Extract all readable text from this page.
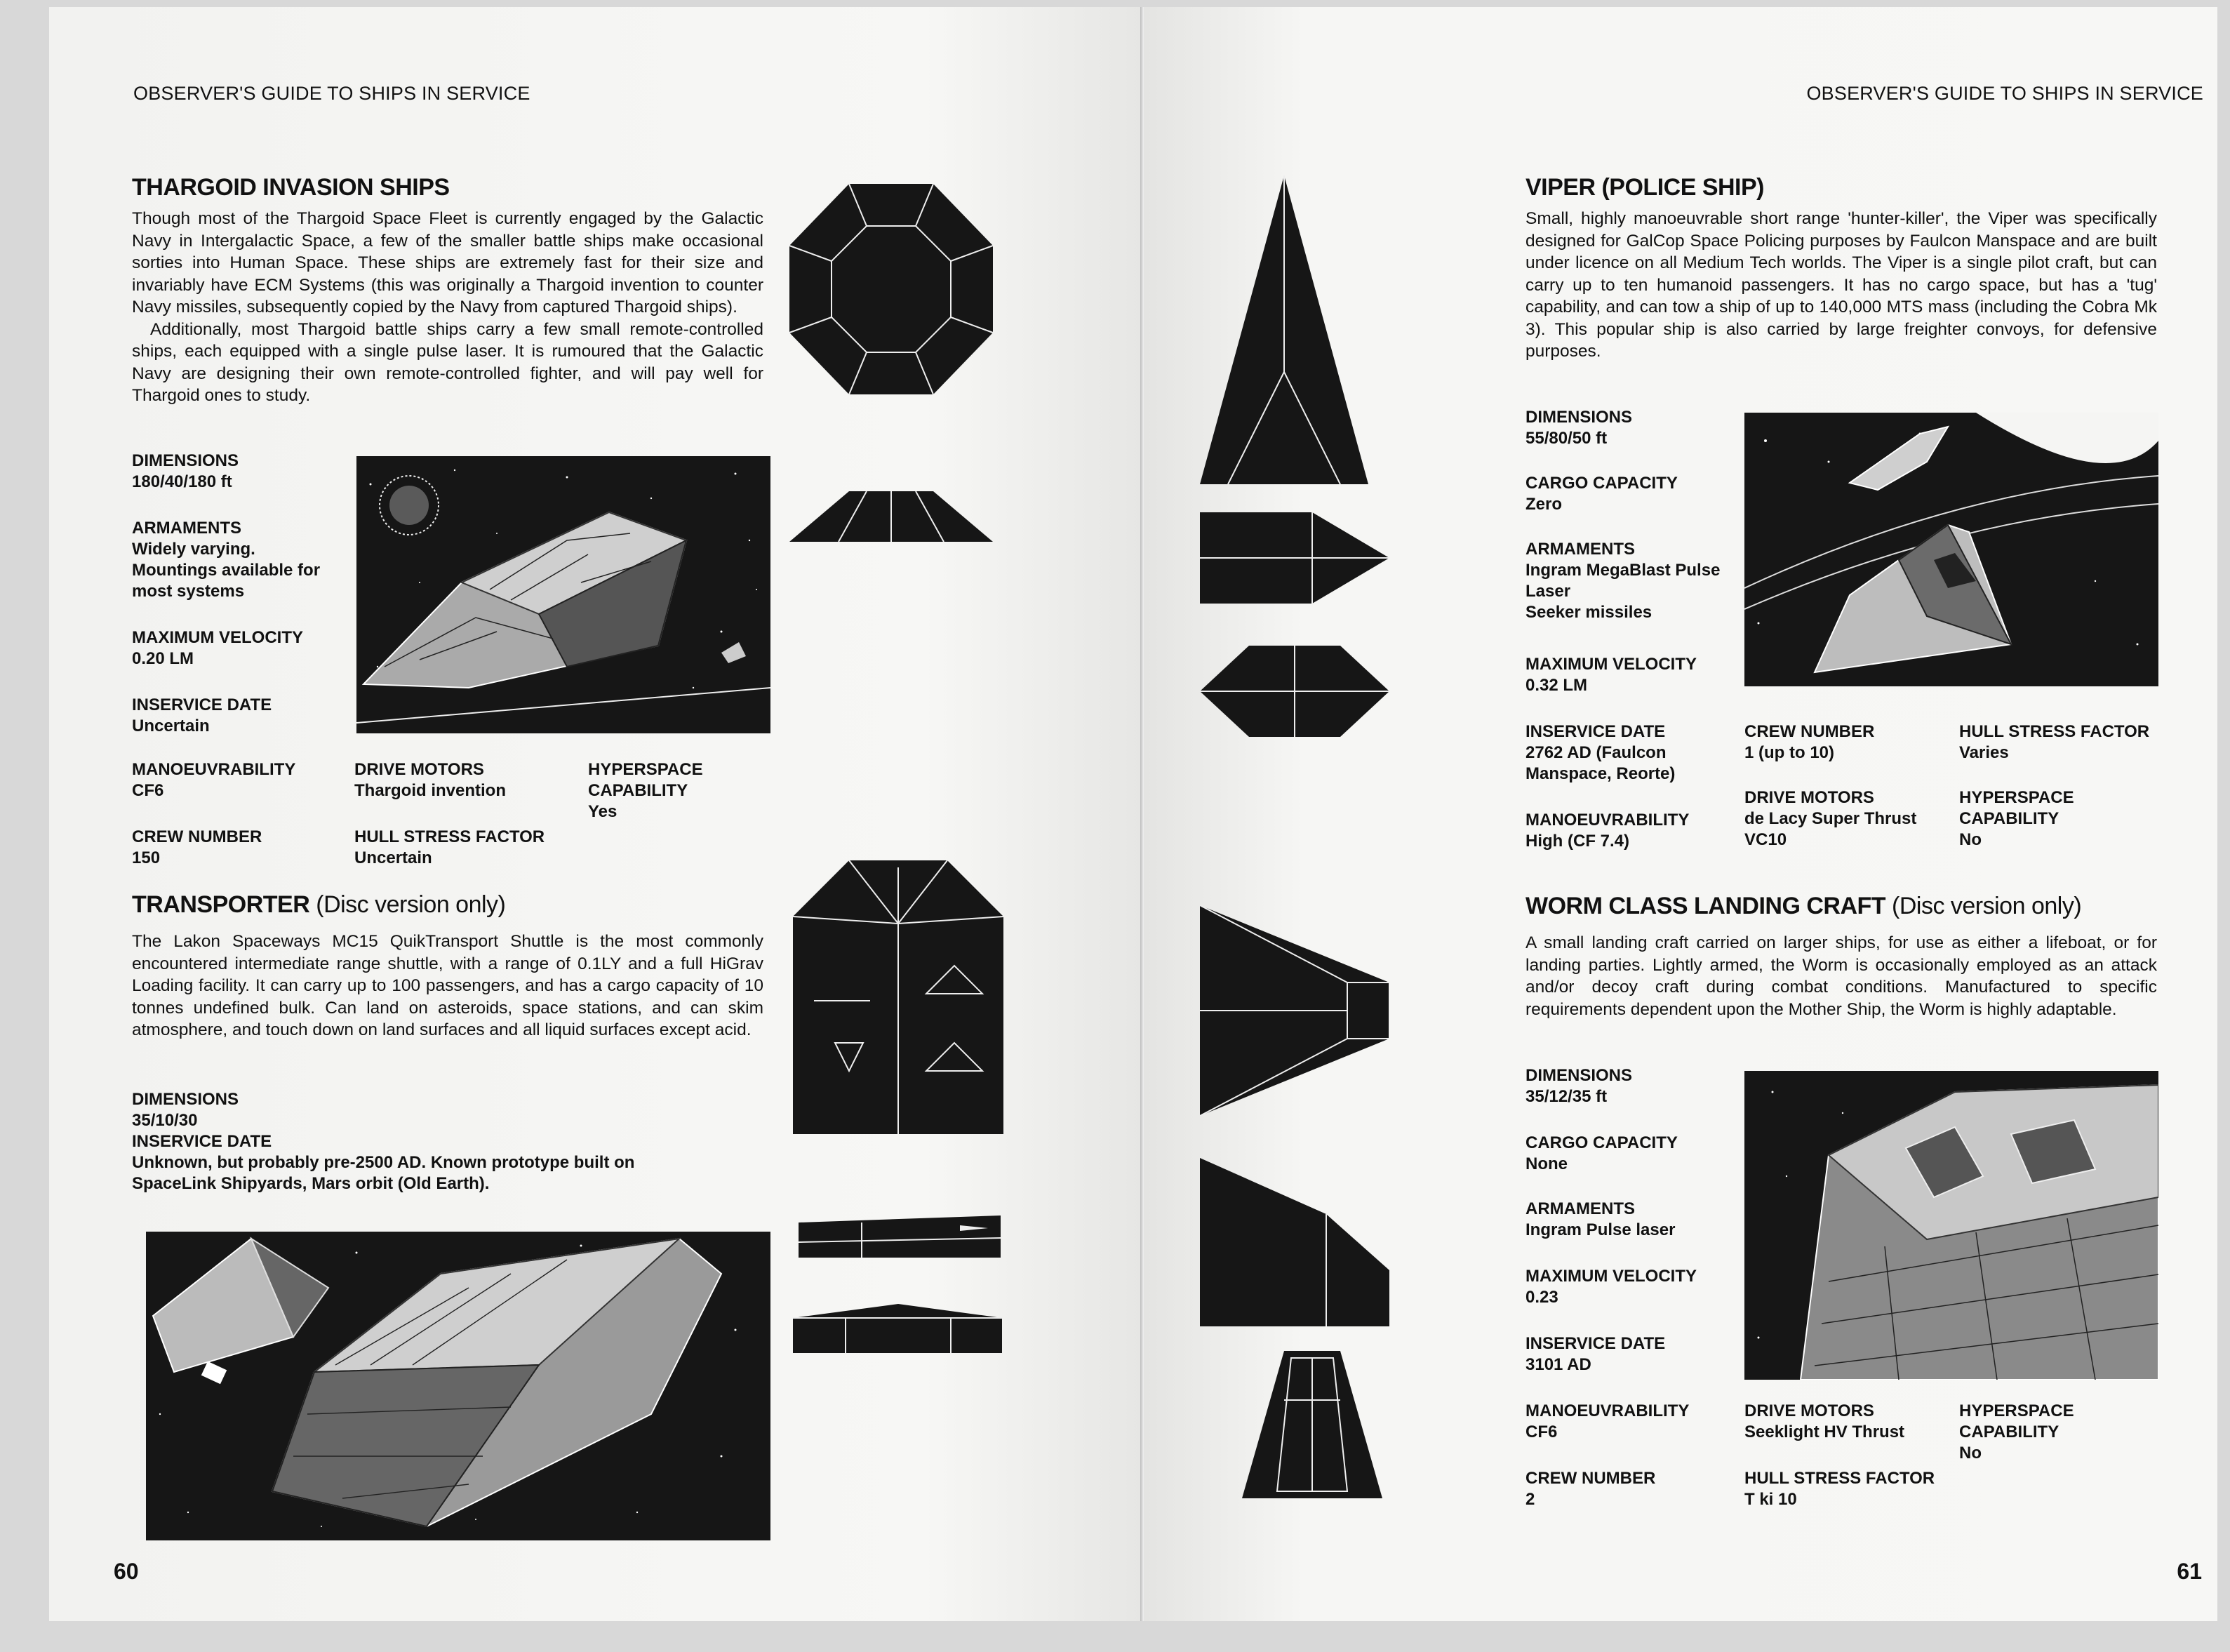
OBSERVER'S GUIDE TO SHIPS IN SERVICE
THARGOID INVASION SHIPS

Though most of the Thargoid Space Fleet is currently engaged by the Galactic Navy in Intergalactic Space, a few of the smaller battle ships make occasional sorties into Human Space. These ships are extremely fast for their size and invariably have ECM Systems (this was originally a Thargoid invention to counter Navy missiles, subsequently copied by the Navy from captured Thargoid ships).

Additionally, most Thargoid battle ships carry a few small remote-controlled ships, each equipped with a single pulse laser. It is rumoured that the Galactic Navy are designing their own remote-controlled fighter, and will pay well for Thargoid ones to study.

DIMENSIONS
180/40/180 ft
ARMAMENTS
Widely varying.
Mountings available for
most systems
MAXIMUM VELOCITY
0.20 LM
INSERVICE DATE
Uncertain
MANOEUVRABILITY
CF6
DRIVE MOTORS
Thargoid invention
HYPERSPACE
CAPABILITY
Yes
CREW NUMBER
150
HULL STRESS FACTOR
Uncertain
TRANSPORTER (Disc version only)

The Lakon Spaceways MC15 QuikTransport Shuttle is the most commonly encountered intermediate range shuttle, with a range of 0.1LY and a full HiGrav Loading facility. It can carry up to 100 passengers, and has a cargo capacity of 10 tonnes undefined bulk. Can land on asteroids, space stations, and can skim atmosphere, and touch down on land surfaces and all liquid surfaces except acid.

DIMENSIONS
35/10/30
INSERVICE DATE
Unknown, but probably pre-2500 AD. Known prototype built on SpaceLink Shipyards, Mars orbit (Old Earth).
60
OBSERVER'S GUIDE TO SHIPS IN SERVICE
VIPER (POLICE SHIP)

Small, highly manoeuvrable short range 'hunter-killer', the Viper was specifically designed for GalCop Space Policing purposes by Faulcon Manspace and are built under licence on all Medium Tech worlds. The Viper is a single pilot craft, but can carry up to ten humanoid passengers. It has no cargo space, but has a 'tug' capability, and can tow a ship of up to 140,000 MTS mass (including the Cobra Mk 3). This popular ship is also carried by large freighter convoys, for defensive purposes.

DIMENSIONS
55/80/50 ft
CARGO CAPACITY
Zero
ARMAMENTS
Ingram MegaBlast Pulse
Laser
Seeker missiles
MAXIMUM VELOCITY
0.32 LM
INSERVICE DATE
2762 AD (Faulcon
Manspace, Reorte)
MANOEUVRABILITY
High (CF 7.4)
CREW NUMBER
1 (up to 10)
DRIVE MOTORS
de Lacy Super Thrust
VC10
HULL STRESS FACTOR
Varies
HYPERSPACE
CAPABILITY
No
WORM CLASS LANDING CRAFT (Disc version only)

A small landing craft carried on larger ships, for use as either a lifeboat, or for landing parties. Lightly armed, the Worm is occasionally employed as an attack and/or decoy craft during combat conditions. Manufactured to specific requirements dependent upon the Mother Ship, the Worm is highly adaptable.

DIMENSIONS
35/12/35 ft
CARGO CAPACITY
None
ARMAMENTS
Ingram Pulse laser
MAXIMUM VELOCITY
0.23
INSERVICE DATE
3101 AD
MANOEUVRABILITY
CF6
DRIVE MOTORS
Seeklight HV Thrust
HYPERSPACE
CAPABILITY
No
CREW NUMBER
2
HULL STRESS FACTOR
T ki 10
61
